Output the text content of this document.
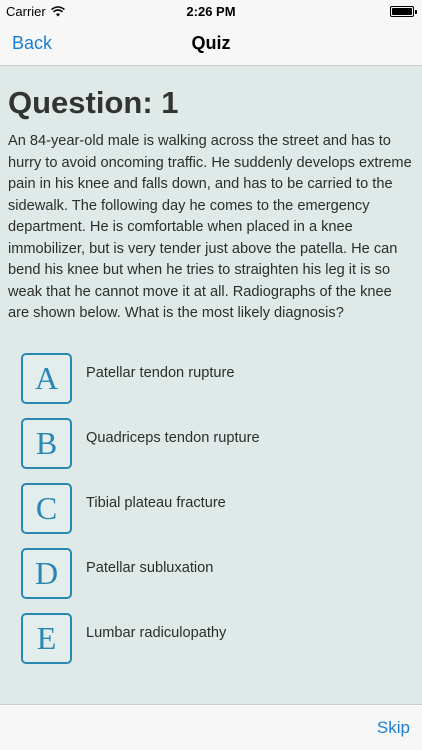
Carrier	2:26 PM
Back	Quiz
Question: 1
An 84-year-old male is walking across the street and has to hurry to avoid oncoming traffic. He suddenly develops extreme pain in his knee and falls down, and has to be carried to the sidewalk. The following day he comes to the emergency department. He is comfortable when placed in a knee immobilizer, but is very tender just above the patella. He can bend his knee but when he tries to straighten his leg it is so weak that he cannot move it at all. Radiographs of the knee are shown below. What is the most likely diagnosis?
A	Patellar tendon rupture
B	Quadriceps tendon rupture
C	Tibial plateau fracture
D	Patellar subluxation
E	Lumbar radiculopathy
Skip
